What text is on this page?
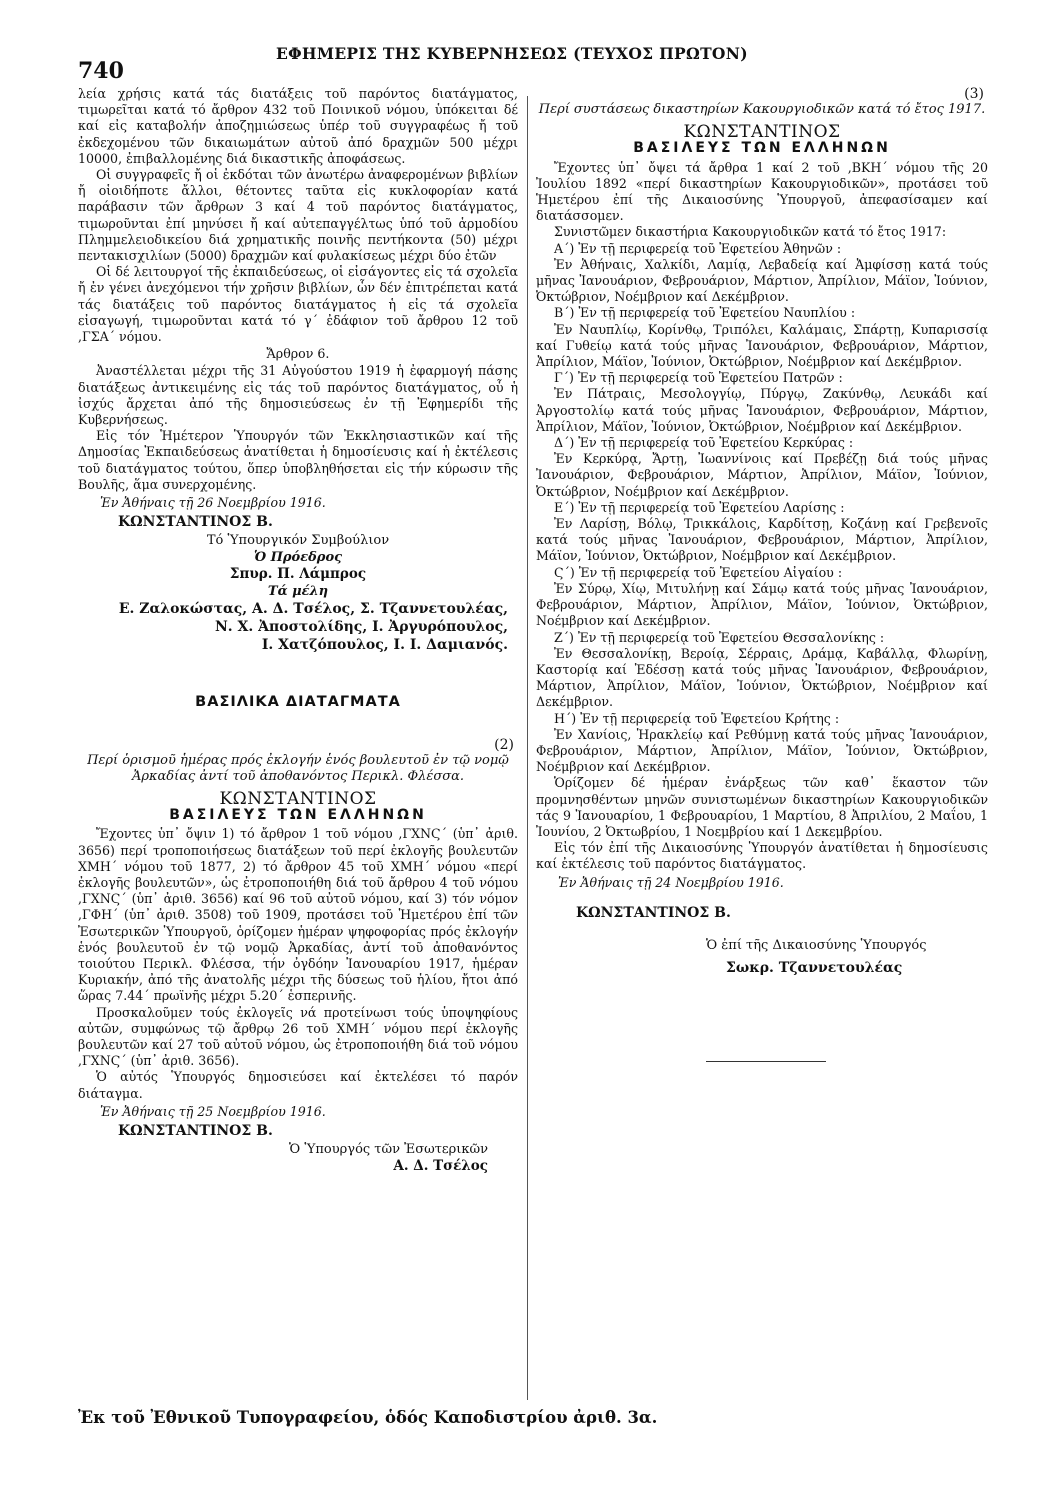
740
ΕΦΗΜΕΡΙΣ ΤΗΣ ΚΥΒΕΡΝΗΣΕΩΣ (ΤΕΥΧΟΣ ΠΡΩΤΟΝ)

λεία χρήσις κατά τάς διατάξεις τοῦ παρόντος διατάγματος, τιμωρεῖται κατά τό ἄρθρον 432 τοῦ Ποινικοῦ νόμου, ὑπόκειται δέ καί εἰς καταβολήν ἀποζημιώσεως ὑπέρ τοῦ συγγραφέως ἤ τοῦ ἐκδεχομένου τῶν δικαιωμάτων αὐτοῦ ἀπό δραχμῶν 500 μέχρι 10000, ἐπιβαλλομένης διά δικαστικῆς ἀποφάσεως.

Οἱ συγγραφεῖς ἤ οἱ ἐκδόται τῶν ἀνωτέρω ἀναφερομένων βιβλίων ἤ οἱοιδήποτε ἄλλοι, θέτοντες ταῦτα εἰς κυκλοφορίαν κατά παράβασιν τῶν ἄρθρων 3 καί 4 τοῦ παρόντος διατάγματος, τιμωροῦνται ἐπί μηνύσει ἤ καί αὐτεπαγγέλτως ὑπό τοῦ ἁρμοδίου Πλημμελειοδικείου διά χρηματικῆς ποινῆς πεντήκοντα (50) μέχρι πεντακισχιλίων (5000) δραχμῶν καί φυλακίσεως μέχρι δύο ἐτῶν

Οἱ δέ λειτουργοί τῆς ἐκπαιδεύσεως, οἱ εἰσάγοντες εἰς τά σχολεῖα ἤ ἐν γένει ἀνεχόμενοι τήν χρῆσιν βιβλίων, ὧν δέν ἐπιτρέπεται κατά τάς διατάξεις τοῦ παρόντος διατάγματος ἡ εἰς τά σχολεῖα εἰσαγωγή, τιμωροῦνται κατά τό γ΄ ἐδάφιον τοῦ ἄρθρου 12 τοῦ ,ΓΣΑ΄ νόμου.

Ἄρθρον 6.

Ἀναστέλλεται μέχρι τῆς 31 Αὐγούστου 1919 ἡ ἐφαρμογή πάσης διατάξεως ἀντικειμένης εἰς τάς τοῦ παρόντος διατάγματος, οὗ ἡ ἰσχύς ἄρχεται ἀπό τῆς δημοσιεύσεως ἐν τῇ Ἐφημερίδι τῆς Κυβερνήσεως.

Εἰς τόν Ἡμέτερον Ὑπουργόν τῶν Ἐκκλησιαστικῶν καί τῆς Δημοσίας Ἐκπαιδεύσεως ἀνατίθεται ἡ δημοσίευσις καί ἡ ἐκτέλεσις τοῦ διατάγματος τούτου, ὅπερ ὑποβληθήσεται εἰς τήν κύρωσιν τῆς Βουλῆς, ἅμα συνερχομένης.

Ἐν Ἀθήναις τῇ 26 Νοεμβρίου 1916.
ΚΩΝΣΤΑΝΤΙΝΟΣ Β.
Τό Ὑπουργικόν Συμβούλιον
Ὁ Πρόεδρος
Σπυρ. Π. Λάμπρος
Τά μέλη
Ε. Ζαλοκώστας, Α. Δ. Τσέλος, Σ. Τζαννετουλέας,
Ν. Χ. Ἀποστολίδης, Ι. Ἀργυρόπουλος,
Ι. Χατζόπουλος, Ι. Ι. Δαμιανός.
ΒΑΣΙΛΙΚΑ ΔΙΑΤΑΓΜΑΤΑ
(2)
Περί ὁρισμοῦ ἡμέρας πρός ἐκλογήν ἑνός βουλευτοῦ ἐν τῷ νομῷ Ἀρκαδίας ἀντί τοῦ ἀποθανόντος Περικλ. Φλέσσα.
ΚΩΝΣΤΑΝΤΙΝΟΣ
ΒΑΣΙΛΕΥΣ ΤΩΝ ΕΛΛΗΝΩΝ

Ἔχοντες ὑπ᾽ ὄψιν 1) τό ἄρθρον 1 τοῦ νόμου ,ΓΧΝϚ΄ (ὑπ᾽ ἀριθ. 3656) περί τροποποιήσεως διατάξεων τοῦ περί ἐκλογῆς βουλευτῶν ΧΜΗ΄ νόμου τοῦ 1877, 2) τό ἄρθρον 45 τοῦ ΧΜΗ΄ νόμου «περί ἐκλογῆς βουλευτῶν», ὡς ἐτροποποιήθη διά τοῦ ἄρθρου 4 τοῦ νόμου ,ΓΧΝϚ΄ (ὑπ᾽ ἀριθ. 3656) καί 96 τοῦ αὐτοῦ νόμου, καί 3) τόν νόμον ,ΓΦΗ΄ (ὑπ᾽ ἀριθ. 3508) τοῦ 1909, προτάσει τοῦ Ἡμετέρου ἐπί τῶν Ἐσωτερικῶν Ὑπουργοῦ, ὁρίζομεν ἡμέραν ψηφοφορίας πρός ἐκλογήν ἑνός βουλευτοῦ ἐν τῷ νομῷ Ἀρκαδίας, ἀντί τοῦ ἀποθανόντος τοιούτου Περικλ. Φλέσσα, τήν ὀγδόην Ἰανουαρίου 1917, ἡμέραν Κυριακήν, ἀπό τῆς ἀνατολῆς μέχρι τῆς δύσεως τοῦ ἡλίου, ἤτοι ἀπό ὥρας 7.44΄ πρωϊνῆς μέχρι 5.20΄ ἑσπερινῆς.

Προσκαλοῦμεν τούς ἐκλογεῖς νά προτείνωσι τούς ὑποψηφίους αὐτῶν, συμφώνως τῷ ἄρθρῳ 26 τοῦ ΧΜΗ΄ νόμου περί ἐκλογῆς βουλευτῶν καί 27 τοῦ αὐτοῦ νόμου, ὡς ἐτροποποιήθη διά τοῦ νόμου ,ΓΧΝϚ΄ (ὑπ᾽ ἀριθ. 3656).

Ὁ αὐτός Ὑπουργός δημοσιεύσει καί ἐκτελέσει τό παρόν διάταγμα.

Ἐν Ἀθήναις τῇ 25 Νοεμβρίου 1916.
ΚΩΝΣΤΑΝΤΙΝΟΣ Β.
Ὁ Ὑπουργός τῶν Ἐσωτερικῶν
Α. Δ. Τσέλος
(3)
Περί συστάσεως δικαστηρίων Κακουργιοδικῶν κατά τό ἔτος 1917.
ΚΩΝΣΤΑΝΤΙΝΟΣ
ΒΑΣΙΛΕΥΣ ΤΩΝ ΕΛΛΗΝΩΝ

Ἔχοντες ὑπ᾽ ὄψει τά ἄρθρα 1 καί 2 τοῦ ,ΒΚΗ΄ νόμου τῆς 20 Ἰουλίου 1892 «περί δικαστηρίων Κακουργιοδικῶν», προτάσει τοῦ Ἡμετέρου ἐπί τῆς Δικαιοσύνης Ὑπουργοῦ, ἀπεφασίσαμεν καί διατάσσομεν.

Συνιστῶμεν δικαστήρια Κακουργιοδικῶν κατά τό ἔτος 1917:

Α΄) Ἐν τῇ περιφερείᾳ τοῦ Ἐφετείου Ἀθηνῶν :

Ἐν Ἀθήναις, Χαλκίδι, Λαμίᾳ, Λεβαδείᾳ καί Ἀμφίσσῃ κατά τούς μῆνας Ἰανουάριον, Φεβρουάριον, Μάρτιον, Ἀπρίλιον, Μάϊον, Ἰούνιον, Ὀκτώβριον, Νοέμβριον καί Δεκέμβριον.

Β΄) Ἐν τῇ περιφερείᾳ τοῦ Ἐφετείου Ναυπλίου :

Ἐν Ναυπλίῳ, Κορίνθῳ, Τριπόλει, Καλάμαις, Σπάρτῃ, Κυπαρισσίᾳ καί Γυθείῳ κατά τούς μῆνας Ἰανουάριον, Φεβρουάριον, Μάρτιον, Ἀπρίλιον, Μάϊον, Ἰούνιον, Ὀκτώβριον, Νοέμβριον καί Δεκέμβριον.

Γ΄) Ἐν τῇ περιφερείᾳ τοῦ Ἐφετείου Πατρῶν :

Ἐν Πάτραις, Μεσολογγίῳ, Πύργῳ, Ζακύνθῳ, Λευκάδι καί Ἀργοστολίῳ κατά τούς μῆνας Ἰανουάριον, Φεβρουάριον, Μάρτιον, Ἀπρίλιον, Μάϊον, Ἰούνιον, Ὀκτώβριον, Νοέμβριον καί Δεκέμβριον.

Δ΄) Ἐν τῇ περιφερείᾳ τοῦ Ἐφετείου Κερκύρας :

Ἐν Κερκύρᾳ, Ἄρτῃ, Ἰωαννίνοις καί Πρεβέζῃ διά τούς μῆνας Ἰανουάριον, Φεβρουάριον, Μάρτιον, Ἀπρίλιον, Μάϊον, Ἰούνιον, Ὀκτώβριον, Νοέμβριον καί Δεκέμβριον.

Ε΄) Ἐν τῇ περιφερείᾳ τοῦ Ἐφετείου Λαρίσης :

Ἐν Λαρίσῃ, Βόλῳ, Τρικκάλοις, Καρδίτσῃ, Κοζάνῃ καί Γρεβενοῖς κατά τούς μῆνας Ἰανουάριον, Φεβρουάριον, Μάρτιον, Ἀπρίλιον, Μάϊον, Ἰούνιον, Ὀκτώβριον, Νοέμβριον καί Δεκέμβριον.

Ϛ΄) Ἐν τῇ περιφερείᾳ τοῦ Ἐφετείου Αἰγαίου :

Ἐν Σύρῳ, Χίῳ, Μιτυλήνῃ καί Σάμῳ κατά τούς μῆνας Ἰανουάριον, Φεβρουάριον, Μάρτιον, Ἀπρίλιον, Μάϊον, Ἰούνιον, Ὀκτώβριον, Νοέμβριον καί Δεκέμβριον.

Ζ΄) Ἐν τῇ περιφερείᾳ τοῦ Ἐφετείου Θεσσαλονίκης :

Ἐν Θεσσαλονίκῃ, Βεροίᾳ, Σέρραις, Δράμᾳ, Καβάλλᾳ, Φλωρίνῃ, Καστορίᾳ καί Ἐδέσσῃ κατά τούς μῆνας Ἰανουάριον, Φεβρουάριον, Μάρτιον, Ἀπρίλιον, Μάϊον, Ἰούνιον, Ὀκτώβριον, Νοέμβριον καί Δεκέμβριον.

Η΄) Ἐν τῇ περιφερείᾳ τοῦ Ἐφετείου Κρήτης :

Ἐν Χανίοις, Ἡρακλείῳ καί Ρεθύμνῃ κατά τούς μῆνας Ἰανουάριον, Φεβρουάριον, Μάρτιον, Ἀπρίλιον, Μάϊον, Ἰούνιον, Ὀκτώβριον, Νοέμβριον καί Δεκέμβριον.

Ὁρίζομεν δέ ἡμέραν ἐνάρξεως τῶν καθ᾽ ἕκαστον τῶν προμνησθέντων μηνῶν συνιστωμένων δικαστηρίων Κακουργιοδικῶν τάς 9 Ἰανουαρίου, 1 Φεβρουαρίου, 1 Μαρτίου, 8 Ἀπριλίου, 2 Μαΐου, 1 Ἰουνίου, 2 Ὀκτωβρίου, 1 Νοεμβρίου καί 1 Δεκεμβρίου.

Εἰς τόν ἐπί τῆς Δικαιοσύνης Ὑπουργόν ἀνατίθεται ἡ δημοσίευσις καί ἐκτέλεσις τοῦ παρόντος διατάγματος.

Ἐν Ἀθήναις τῇ 24 Νοεμβρίου 1916.
ΚΩΝΣΤΑΝΤΙΝΟΣ Β.
Ὁ ἐπί τῆς Δικαιοσύνης Ὑπουργός
Σωκρ. Τζαννετουλέας
Ἐκ τοῦ Ἐθνικοῦ Τυπογραφείου, ὁδός Καποδιστρίου ἀριθ. 3α.
